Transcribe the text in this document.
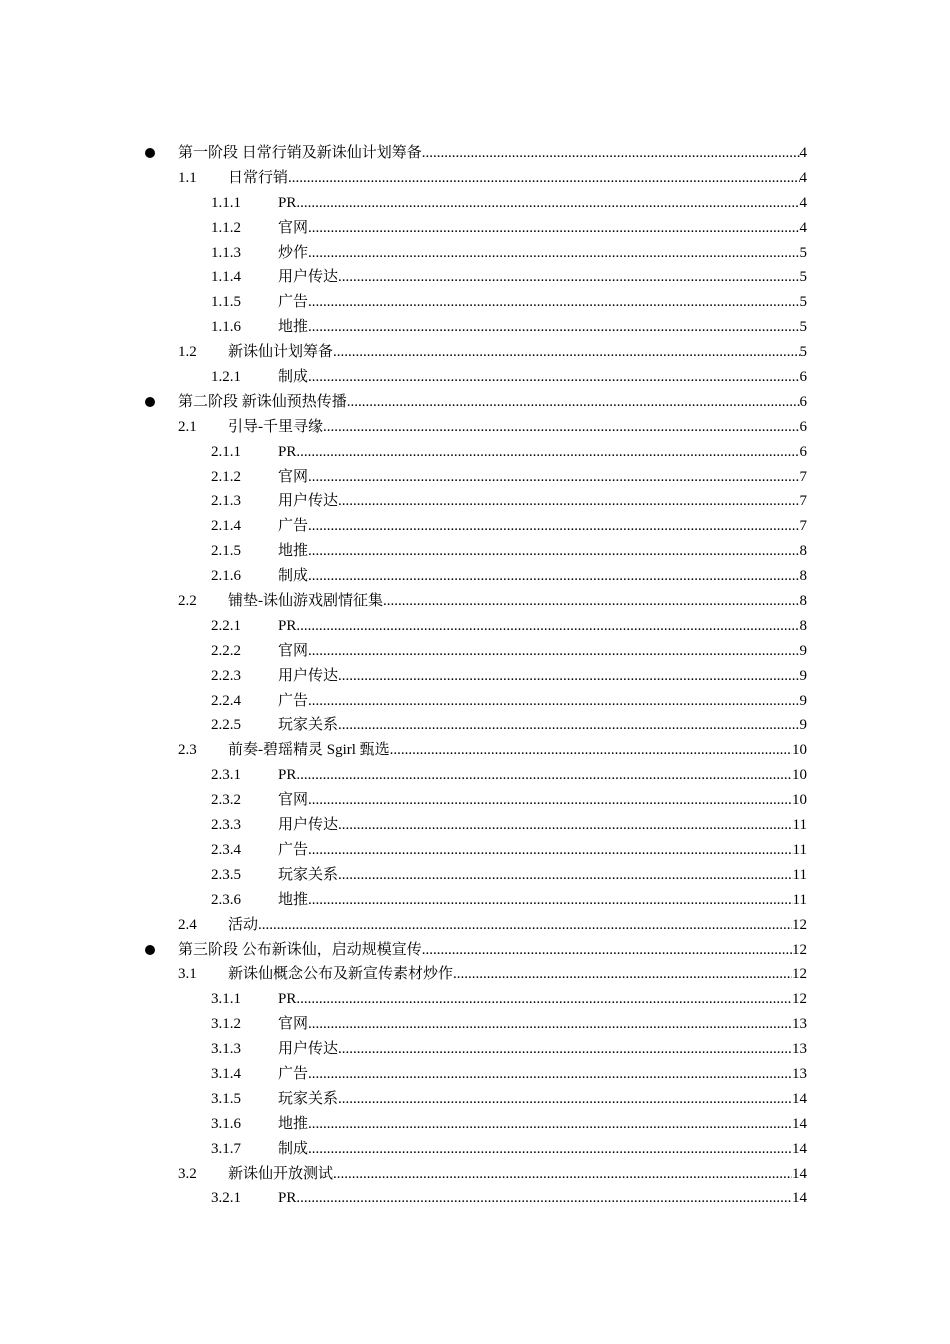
第一阶段 日常行销及新诛仙计划筹备 .....	4
1.1 日常行销 .....	4
1.1.1 PR .....	4
1.1.2 官网 .....	4
1.1.3 炒作 .....	5
1.1.4 用户传达 .....	5
1.1.5 广告 .....	5
1.1.6 地推 .....	5
1.2 新诛仙计划筹备 .....	5
1.2.1 制成 .....	6
第二阶段 新诛仙预热传播 .....	6
2.1 引导-千里寻缘 .....	6
2.1.1 PR .....	6
2.1.2 官网 .....	7
2.1.3 用户传达 .....	7
2.1.4 广告 .....	7
2.1.5 地推 .....	8
2.1.6 制成 .....	8
2.2 铺垫-诛仙游戏剧情征集 .....	8
2.2.1 PR .....	8
2.2.2 官网 .....	9
2.2.3 用户传达 .....	9
2.2.4 广告 .....	9
2.2.5 玩家关系 .....	9
2.3 前奏-碧瑶精灵 Sgirl 甄选 .....	10
2.3.1 PR .....	10
2.3.2 官网 .....	10
2.3.3 用户传达 .....	11
2.3.4 广告 .....	11
2.3.5 玩家关系 .....	11
2.3.6 地推 .....	11
2.4 活动 .....	12
第三阶段 公布新诛仙，启动规模宣传 .....	12
3.1 新诛仙概念公布及新宣传素材炒作 .....	12
3.1.1 PR .....	12
3.1.2 官网 .....	13
3.1.3 用户传达 .....	13
3.1.4 广告 .....	13
3.1.5 玩家关系 .....	14
3.1.6 地推 .....	14
3.1.7 制成 .....	14
3.2 新诛仙开放测试 .....	14
3.2.1 PR .....	14
